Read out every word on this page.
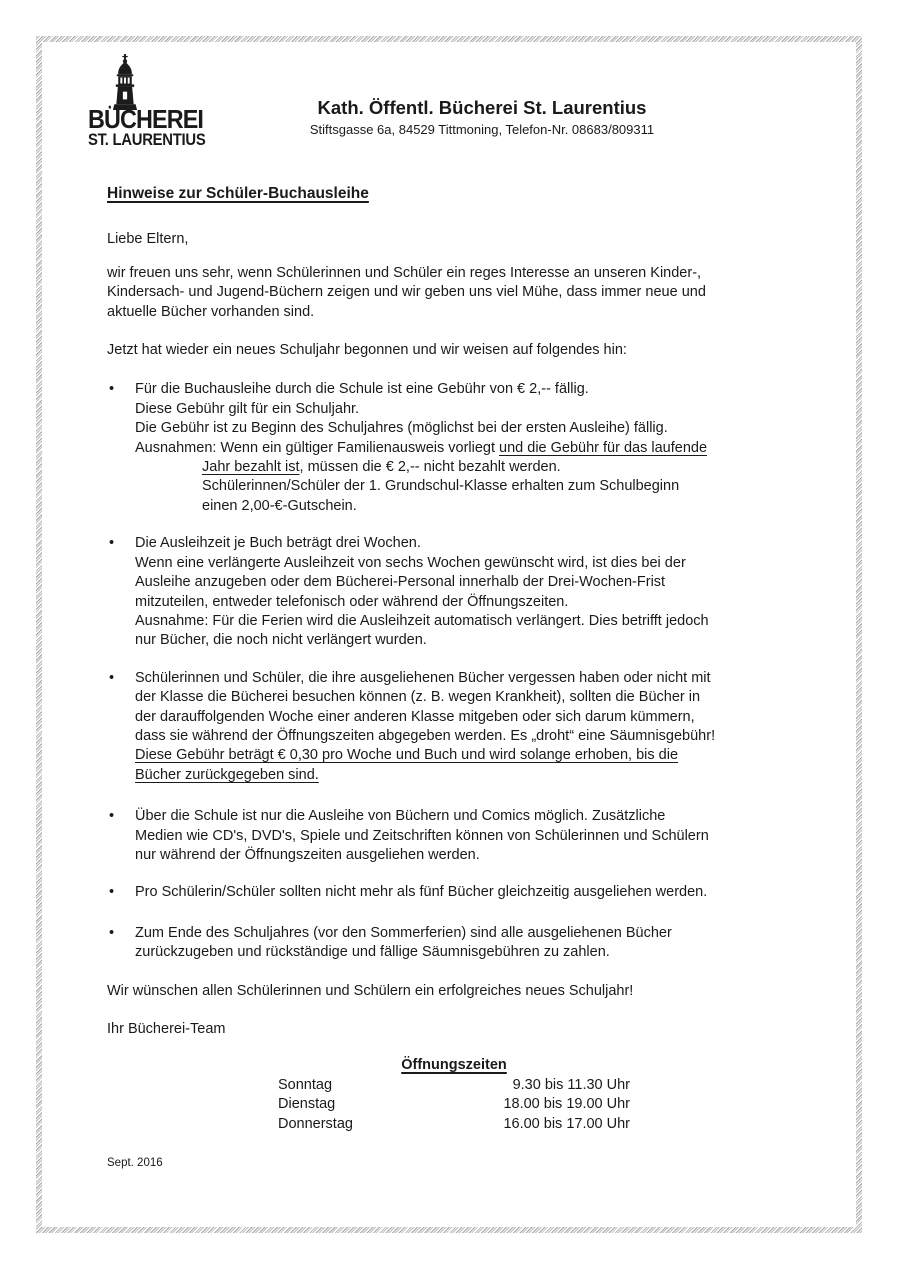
BÜCHEREI
ST. LAURENTIUS
Kath. Öffentl. Bücherei St. Laurentius
Stiftsgasse 6a, 84529 Tittmoning, Telefon-Nr. 08683/809311
Hinweise zur Schüler-Buchausleihe
Liebe Eltern,
wir freuen uns sehr, wenn Schülerinnen und Schüler ein reges Interesse an unseren Kinder-,
Kindersach- und Jugend-Büchern zeigen und wir geben uns viel Mühe, dass immer neue und
aktuelle Bücher vorhanden sind.
Jetzt hat wieder ein neues Schuljahr begonnen und wir weisen auf folgendes hin:
•	Für die Buchausleihe durch die Schule ist eine Gebühr von € 2,-- fällig.
Diese Gebühr gilt für ein Schuljahr.
Die Gebühr ist zu Beginn des Schuljahres (möglichst bei der ersten Ausleihe) fällig.
Ausnahmen: Wenn ein gültiger Familienausweis vorliegt und die Gebühr für das laufende
Jahr bezahlt ist, müssen die € 2,-- nicht bezahlt werden.
Schülerinnen/Schüler der 1. Grundschul-Klasse erhalten zum Schulbeginn
einen 2,00-€-Gutschein.
•	Die Ausleihzeit je Buch beträgt drei Wochen.
Wenn eine verlängerte Ausleihzeit von sechs Wochen gewünscht wird, ist dies bei der
Ausleihe anzugeben oder dem Bücherei-Personal innerhalb der Drei-Wochen-Frist
mitzuteilen, entweder telefonisch oder während der Öffnungszeiten.
Ausnahme: Für die Ferien wird die Ausleihzeit automatisch verlängert. Dies betrifft jedoch
nur Bücher, die noch nicht verlängert wurden.
•	Schülerinnen und Schüler, die ihre ausgeliehenen Bücher vergessen haben oder nicht mit
der Klasse die Bücherei besuchen können (z. B. wegen Krankheit), sollten die Bücher in
der darauffolgenden Woche einer anderen Klasse mitgeben oder sich darum kümmern,
dass sie während der Öffnungszeiten abgegeben werden. Es „droht“ eine Säumnisgebühr!
Diese Gebühr beträgt € 0,30 pro Woche und Buch und wird solange erhoben, bis die
Bücher zurückgegeben sind.
•	Über die Schule ist nur die Ausleihe von Büchern und Comics möglich. Zusätzliche
Medien wie CD's, DVD's, Spiele und Zeitschriften können von Schülerinnen und Schülern
nur während der Öffnungszeiten ausgeliehen werden.
•	Pro Schülerin/Schüler sollten nicht mehr als fünf Bücher gleichzeitig ausgeliehen werden.
•	Zum Ende des Schuljahres (vor den Sommerferien) sind alle ausgeliehenen Bücher
zurückzugeben und rückständige und fällige Säumnisgebühren zu zahlen.
Wir wünschen allen Schülerinnen und Schülern ein erfolgreiches neues Schuljahr!
Ihr Bücherei-Team
Öffnungszeiten
Sonntag	9.30 bis 11.30 Uhr
Dienstag	18.00 bis 19.00 Uhr
Donnerstag	16.00 bis 17.00 Uhr
Sept. 2016
